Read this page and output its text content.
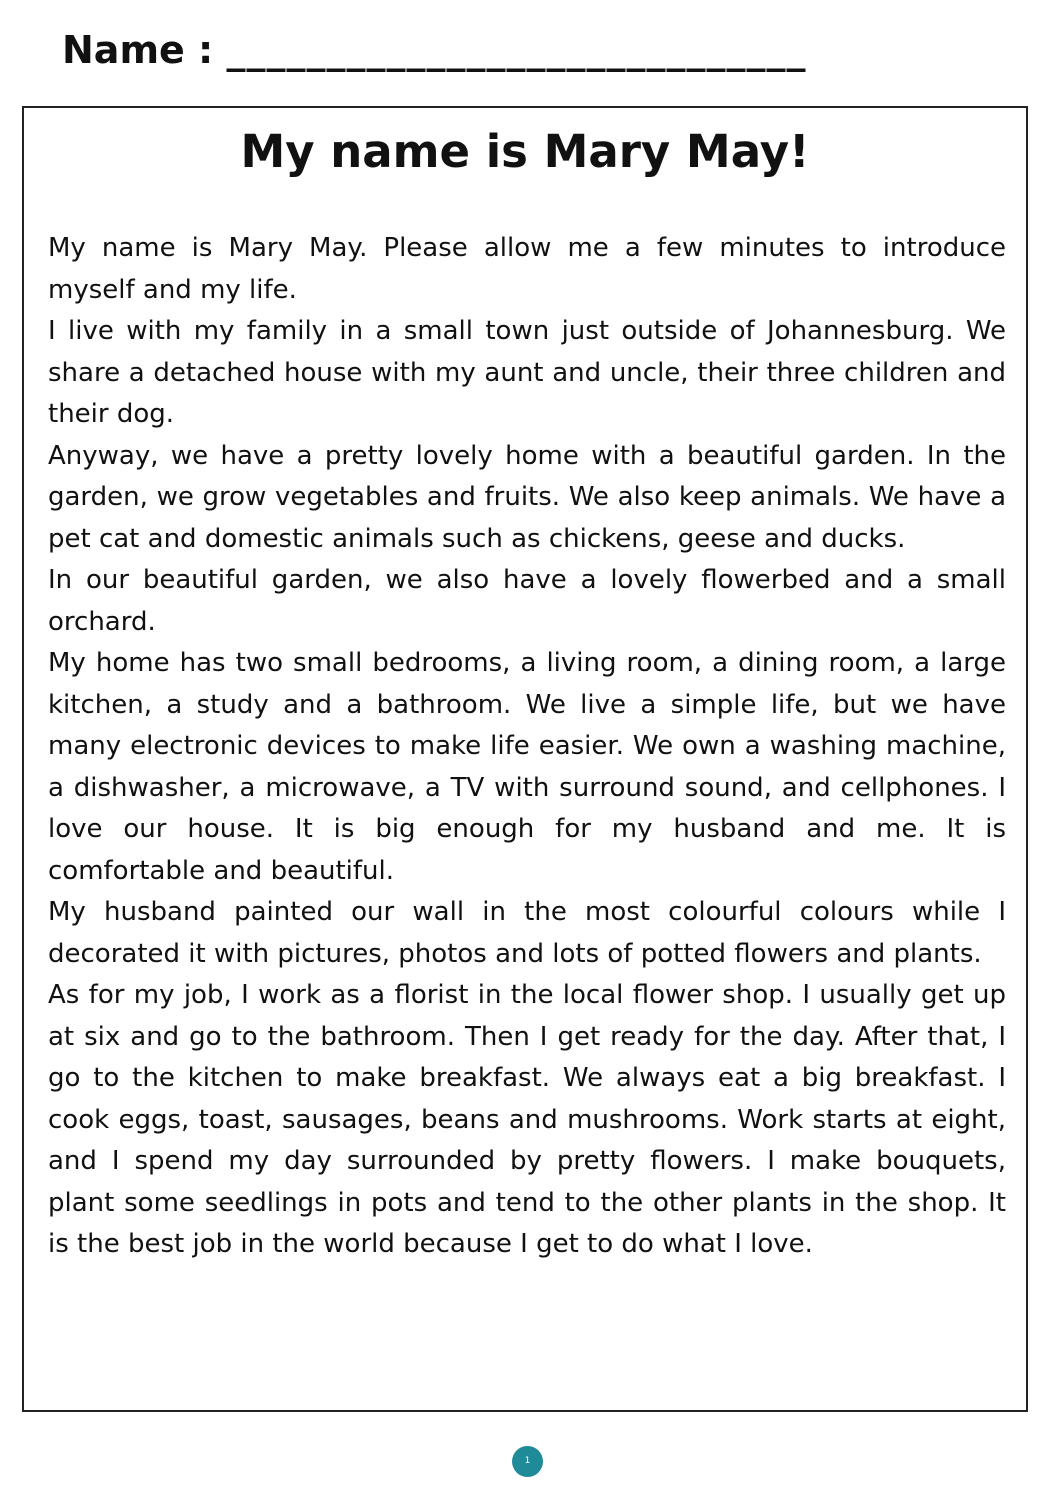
Name : _____________________________
My name is Mary May!

My name is Mary May. Please allow me a few minutes to introduce myself and my life.

I live with my family in a small town just outside of Johannesburg. We share a detached house with my aunt and uncle, their three children and their dog.

Anyway, we have a pretty lovely home with a beautiful garden. In the garden, we grow vegetables and fruits. We also keep animals. We have a pet cat and domestic animals such as chickens, geese and ducks.

In our beautiful garden, we also have a lovely flowerbed and a small orchard.

My home has two small bedrooms, a living room, a dining room, a large kitchen, a study and a bathroom. We live a simple life, but we have many electronic devices to make life easier. We own a washing machine, a dishwasher, a microwave, a TV with surround sound, and cellphones. I love our house. It is big enough for my husband and me. It is comfortable and beautiful.

My husband painted our wall in the most colourful colours while I decorated it with pictures, photos and lots of potted flowers and plants.

As for my job, I work as a florist in the local flower shop. I usually get up at six and go to the bathroom. Then I get ready for the day. After that, I go to the kitchen to make breakfast. We always eat a big breakfast. I cook eggs, toast, sausages, beans and mushrooms. Work starts at eight, and I spend my day surrounded by pretty flowers. I make bouquets, plant some seedlings in pots and tend to the other plants in the shop. It is the best job in the world because I get to do what I love.

1
